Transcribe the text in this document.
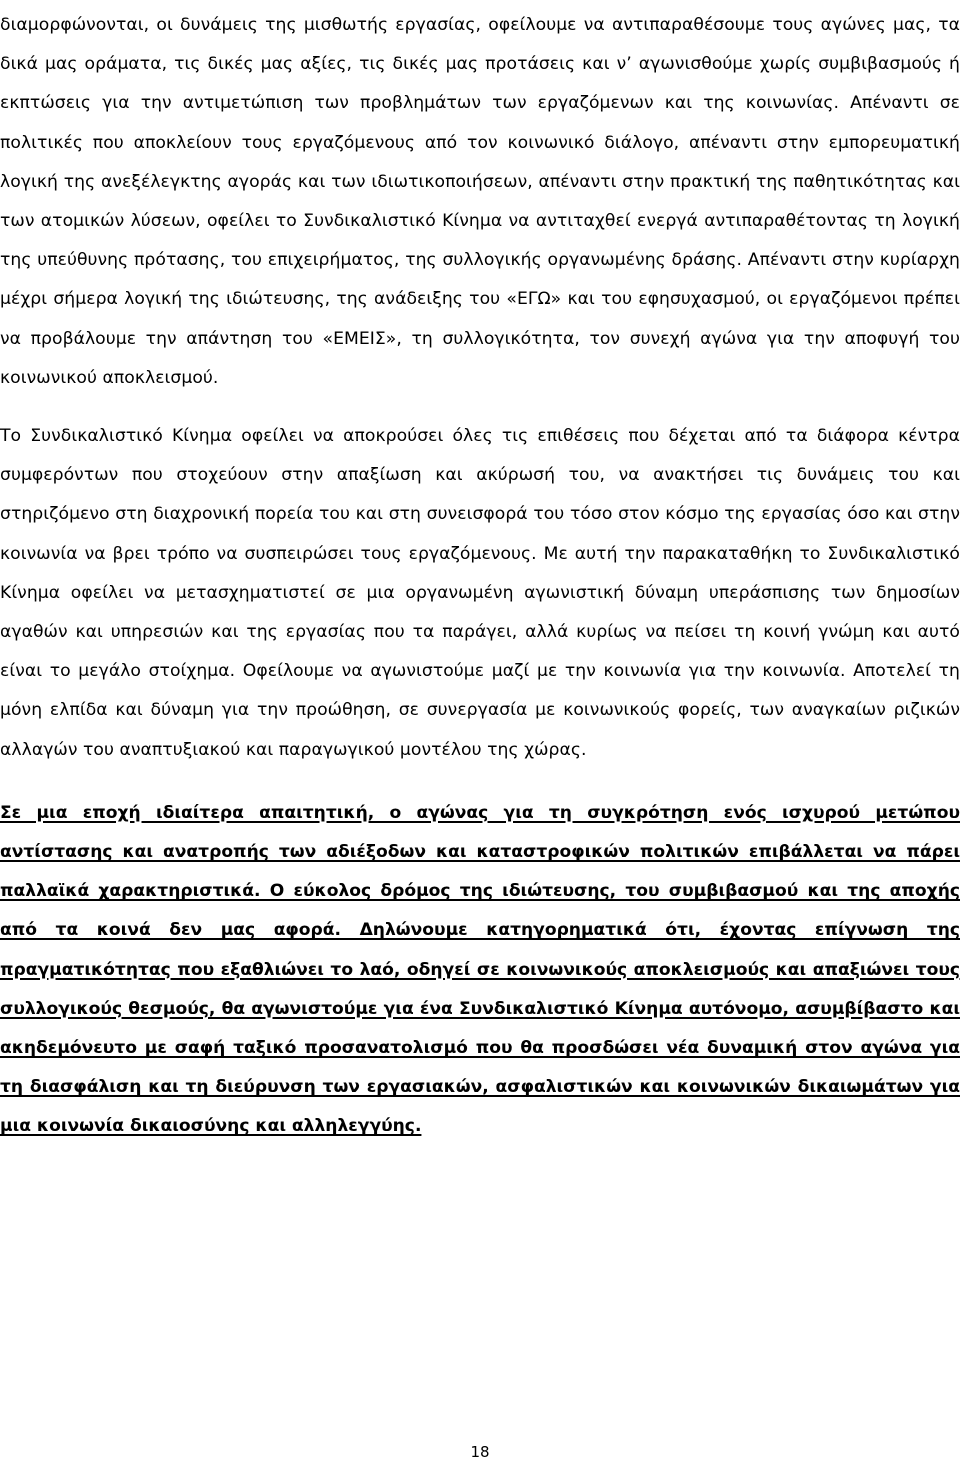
διαμορφώνονται, οι δυνάμεις της μισθωτής εργασίας, οφείλουμε να αντιπαραθέσουμε τους αγώνες μας, τα δικά μας οράματα, τις δικές μας αξίες, τις δικές μας προτάσεις και ν’ αγωνισθούμε χωρίς συμβιβασμούς ή εκπτώσεις για την αντιμετώπιση των προβλημάτων των εργαζόμενων και της κοινωνίας. Απέναντι σε πολιτικές που αποκλείουν τους εργαζόμενους από τον κοινωνικό διάλογο, απέναντι στην εμπορευματική λογική της ανεξέλεγκτης αγοράς και των ιδιωτικοποιήσεων, απέναντι στην πρακτική της παθητικότητας και των ατομικών λύσεων, οφείλει το Συνδικαλιστικό Κίνημα να αντιταχθεί ενεργά αντιπαραθέτοντας τη λογική της υπεύθυνης πρότασης, του επιχειρήματος, της συλλογικής οργανωμένης δράσης. Απέναντι στην κυρίαρχη μέχρι σήμερα λογική της ιδιώτευσης, της ανάδειξης του «ΕΓΩ» και του εφησυχασμού, οι εργαζόμενοι πρέπει να προβάλουμε την απάντηση του «ΕΜΕΙΣ», τη συλλογικότητα, τον συνεχή αγώνα για την αποφυγή του κοινωνικού αποκλεισμού.

Το Συνδικαλιστικό Κίνημα οφείλει να αποκρούσει όλες τις επιθέσεις που δέχεται από τα διάφορα κέντρα συμφερόντων που στοχεύουν στην απαξίωση και ακύρωσή του, να ανακτήσει τις δυνάμεις του και στηριζόμενο στη διαχρονική πορεία του και στη συνεισφορά του τόσο στον κόσμο της εργασίας όσο και στην κοινωνία να βρει τρόπο να συσπειρώσει τους εργαζόμενους. Με αυτή την παρακαταθήκη το Συνδικαλιστικό Κίνημα οφείλει να μετασχηματιστεί σε μια οργανωμένη αγωνιστική δύναμη υπεράσπισης των δημοσίων αγαθών και υπηρεσιών και της εργασίας που τα παράγει, αλλά κυρίως να πείσει τη κοινή γνώμη και αυτό είναι το μεγάλο στοίχημα. Οφείλουμε να αγωνιστούμε μαζί με την κοινωνία για την κοινωνία. Αποτελεί τη μόνη ελπίδα και δύναμη για την προώθηση, σε συνεργασία με κοινωνικούς φορείς, των αναγκαίων ριζικών αλλαγών του αναπτυξιακού και παραγωγικού μοντέλου της χώρας.

Σε μια εποχή ιδιαίτερα απαιτητική, ο αγώνας για τη συγκρότηση ενός ισχυρού μετώπου αντίστασης και ανατροπής των αδιέξοδων και καταστροφικών πολιτικών επιβάλλεται να πάρει παλλαϊκά χαρακτηριστικά. Ο εύκολος δρόμος της ιδιώτευσης, του συμβιβασμού και της αποχής από τα κοινά δεν μας αφορά. Δηλώνουμε κατηγορηματικά ότι, έχοντας επίγνωση της πραγματικότητας που εξαθλιώνει το λαό, οδηγεί σε κοινωνικούς αποκλεισμούς και απαξιώνει τους συλλογικούς θεσμούς, θα αγωνιστούμε για ένα Συνδικαλιστικό Κίνημα αυτόνομο, ασυμβίβαστο και ακηδεμόνευτο με σαφή ταξικό προσανατολισμό που θα προσδώσει νέα δυναμική στον αγώνα για τη διασφάλιση και τη διεύρυνση των εργασιακών, ασφαλιστικών και κοινωνικών δικαιωμάτων για μια κοινωνία δικαιοσύνης και αλληλεγγύης.

18
